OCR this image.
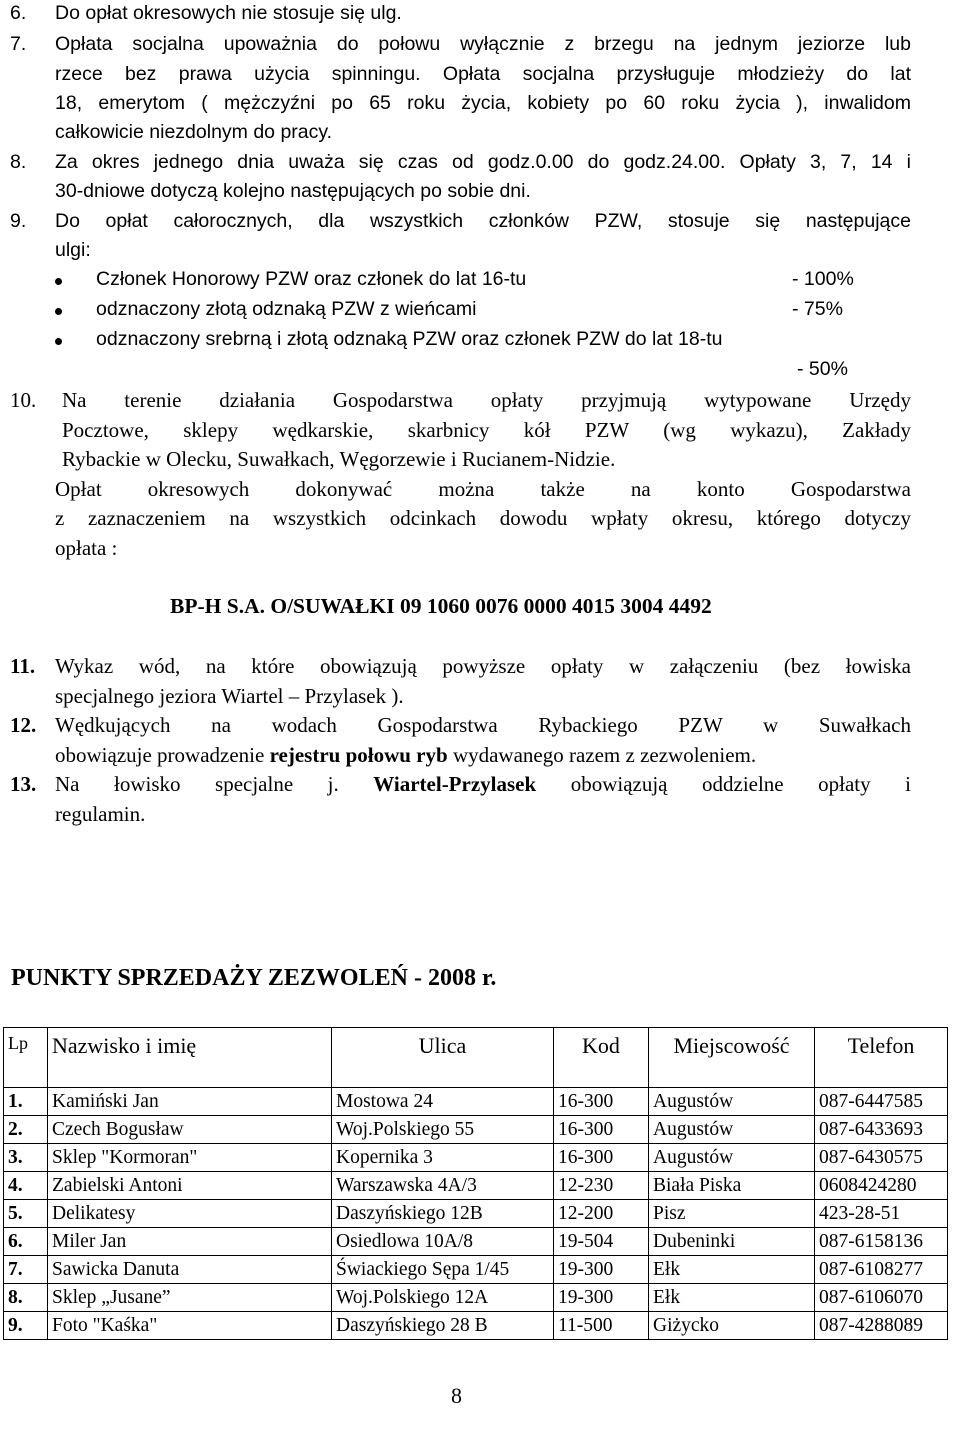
6. Do opłat okresowych nie stosuje się ulg.
7. Opłata socjalna upoważnia do połowu wyłącznie z brzegu na jednym jeziorze lub
rzece bez prawa użycia spinningu. Opłata socjalna przysługuje młodzieży do lat
18, emerytom ( mężczyźni po 65 roku życia, kobiety po 60 roku życia ), inwalidom
całkowicie niezdolnym do pracy.
8. Za okres jednego dnia uważa się czas od godz.0.00 do godz.24.00. Opłaty 3, 7, 14 i
30-dniowe dotyczą kolejno następujących po sobie dni.
9. Do opłat całorocznych, dla wszystkich członków PZW, stosuje się następujące
ulgi:
Członek Honorowy PZW oraz członek do lat 16-tu	- 100%
odznaczony złotą odznaką PZW z wieńcami	- 75%
odznaczony srebrną i złotą odznaką PZW oraz członek PZW do lat 18-tu
- 50%
10. Na terenie działania Gospodarstwa opłaty przyjmują wytypowane Urzędy
Pocztowe, sklepy wędkarskie, skarbnicy kół PZW (wg wykazu), Zakłady
Rybackie w Olecku, Suwałkach, Węgorzewie i Rucianem-Nidzie.
Opłat okresowych dokonywać można także na konto Gospodarstwa
z zaznaczeniem na wszystkich odcinkach dowodu wpłaty okresu, którego dotyczy
opłata :
BP-H S.A. O/SUWAŁKI 09 1060 0076 0000 4015 3004 4492
11. Wykaz wód, na które obowiązują powyższe opłaty w załączeniu (bez łowiska
specjalnego jeziora Wiartel – Przylasek ).
12. Wędkujących na wodach Gospodarstwa Rybackiego PZW w Suwałkach
obowiązuje prowadzenie rejestru połowu ryb wydawanego razem z zezwoleniem.
13. Na łowisko specjalne j. Wiartel-Przylasek obowiązują oddzielne opłaty i
regulamin.
PUNKTY SPRZEDAŻY ZEZWOLEŃ - 2008 r.
Lp	Nazwisko i imię	Ulica	Kod	Miejscowość	Telefon
1.	Kamiński Jan	Mostowa 24	16-300	Augustów	087-6447585
2.	Czech Bogusław	Woj.Polskiego 55	16-300	Augustów	087-6433693
3.	Sklep "Kormoran"	Kopernika 3	16-300	Augustów	087-6430575
4.	Zabielski Antoni	Warszawska 4A/3	12-230	Biała Piska	0608424280
5.	Delikatesy	Daszyńskiego 12B	12-200	Pisz	423-28-51
6.	Miler Jan	Osiedlowa 10A/8	19-504	Dubeninki	087-6158136
7.	Sawicka Danuta	Świackiego Sępa 1/45	19-300	Ełk	087-6108277
8.	Sklep „Jusane”	Woj.Polskiego 12A	19-300	Ełk	087-6106070
9.	Foto "Kaśka"	Daszyńskiego 28 B	11-500	Giżycko	087-4288089
8
